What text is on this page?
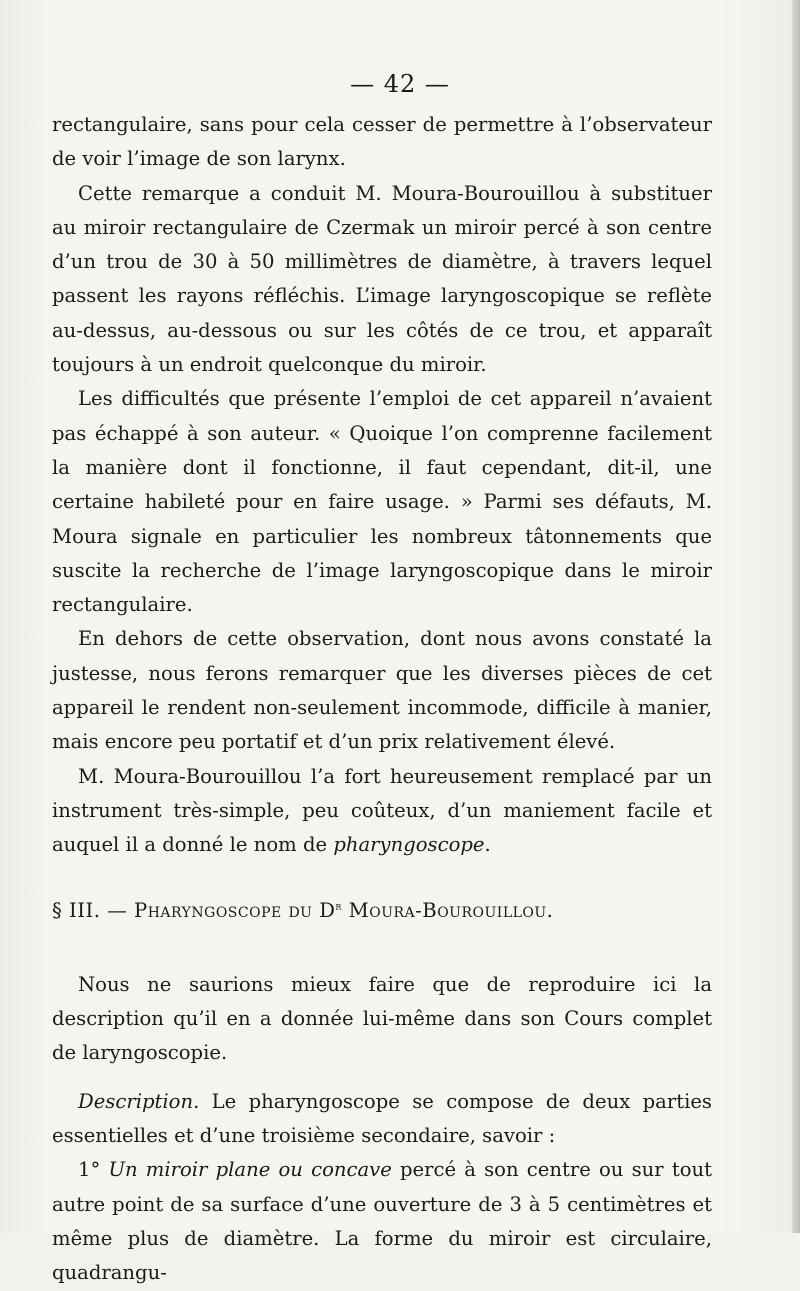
— 42 —

rectangulaire, sans pour cela cesser de permettre à l’observateur de voir l’image de son larynx.

Cette remarque a conduit M. Moura-Bourouillou à substituer au miroir rectangulaire de Czermak un miroir percé à son centre d’un trou de 30 à 50 millimètres de diamètre, à travers lequel passent les rayons réfléchis. L’image laryngoscopique se reflète au-dessus, au-dessous ou sur les côtés de ce trou, et apparaît toujours à un endroit quelconque du miroir.

Les difficultés que présente l’emploi de cet appareil n’avaient pas échappé à son auteur. « Quoique l’on comprenne facilement la manière dont il fonctionne, il faut cependant, dit-il, une certaine habileté pour en faire usage. » Parmi ses défauts, M. Moura signale en particulier les nombreux tâtonnements que suscite la recherche de l’image laryngoscopique dans le miroir rectangulaire.

En dehors de cette observation, dont nous avons constaté la justesse, nous ferons remarquer que les diverses pièces de cet appareil le rendent non-seulement incommode, difficile à manier, mais encore peu portatif et d’un prix relativement élevé.

M. Moura-Bourouillou l’a fort heureusement remplacé par un instrument très-simple, peu coûteux, d’un maniement facile et auquel il a donné le nom de pharyngoscope.

§ III. — Pharyngoscope du $D^r$ Moura-Bourouillou.

Nous ne saurions mieux faire que de reproduire ici la description qu’il en a donnée lui-même dans son Cours complet de laryngoscopie.

Description. Le pharyngoscope se compose de deux parties essentielles et d’une troisième secondaire, savoir :

1° Un miroir plane ou concave percé à son centre ou sur tout autre point de sa surface d’une ouverture de 3 à 5 centimètres et même plus de diamètre. La forme du miroir est circulaire, quadrangu-
